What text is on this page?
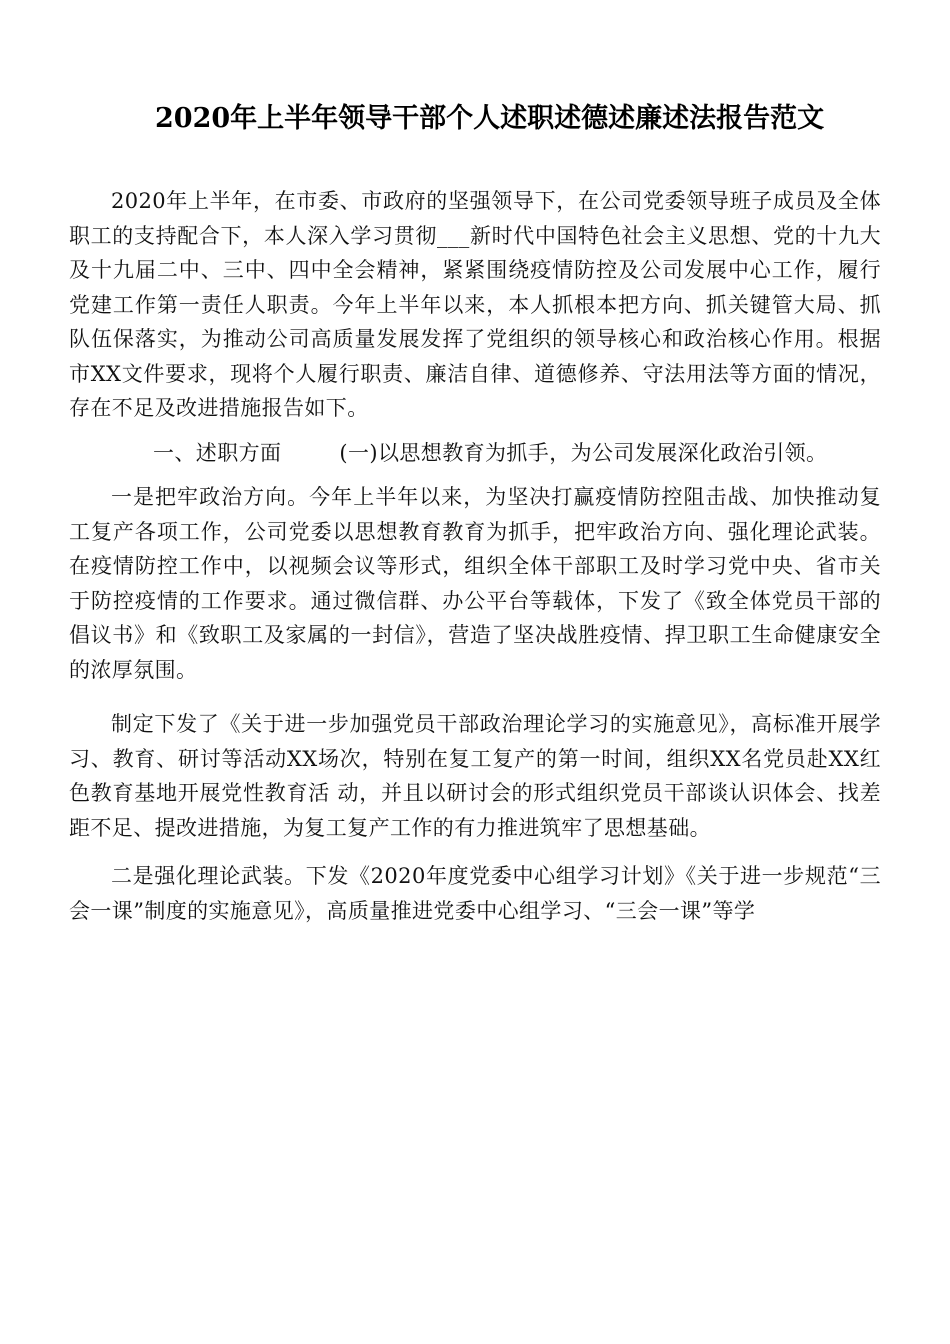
2020年上半年领导干部个人述职述德述廉述法报告范文

2020年上半年，在市委、市政府的坚强领导下，在公司党委领导班子成员及全体职工的支持配合下，本人深入学习贯彻___新时代中国特色社会主义思想、党的十九大及十九届二中、三中、四中全会精神，紧紧围绕疫情防控及公司发展中心工作，履行党建工作第一责任人职责。今年上半年以来，本人抓根本把方向、抓关键管大局、抓队伍保落实，为推动公司高质量发展发挥了党组织的领导核心和政治核心作用。根据市XX文件要求，现将个人履行职责、廉洁自律、道德修养、守法用法等方面的情况，存在不足及改进措施报告如下。

一、述职方面	(一)以思想教育为抓手，为公司发展深化政治引领。

一是把牢政治方向。今年上半年以来，为坚决打赢疫情防控阻击战、加快推动复工复产各项工作，公司党委以思想教育教育为抓手，把牢政治方向、强化理论武装。在疫情防控工作中，以视频会议等形式，组织全体干部职工及时学习党中央、省市关于防控疫情的工作要求。通过微信群、办公平台等载体，下发了《致全体党员干部的倡议书》和《致职工及家属的一封信》，营造了坚决战胜疫情、捍卫职工生命健康安全的浓厚氛围。

制定下发了《关于进一步加强党员干部政治理论学习的实施意见》，高标准开展学习、教育、研讨等活动XX场次，特别在复工复产的第一时间，组织XX名党员赴XX红色教育基地开展党性教育活 动，并且以研讨会的形式组织党员干部谈认识体会、找差距不足、提改进措施，为复工复产工作的有力推进筑牢了思想基础。

二是强化理论武装。下发《2020年度党委中心组学习计划》《关于进一步规范“三会一课”制度的实施意见》，高质量推进党委中心组学习、“三会一课”等学
